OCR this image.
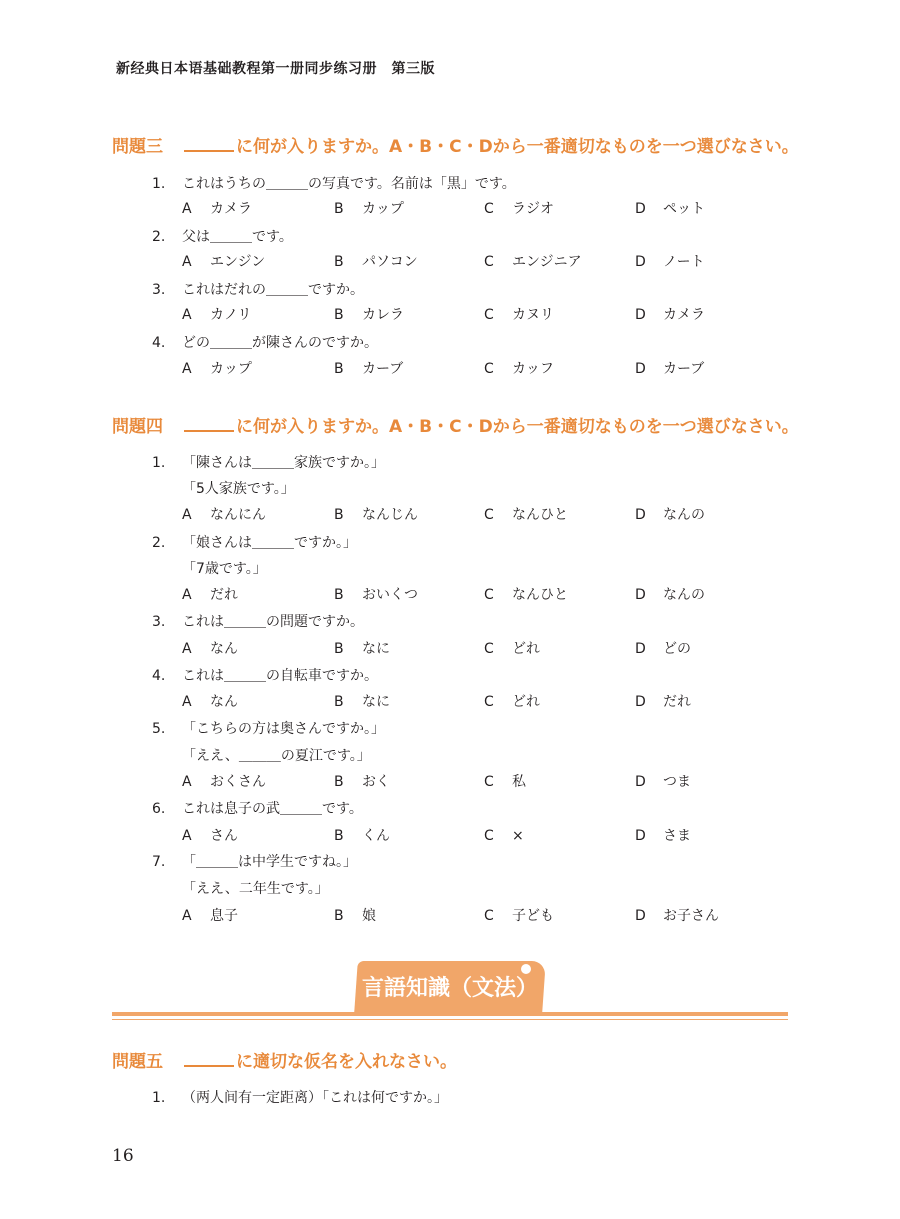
新经典日本语基础教程第一册同步练习册　第三版
問題三	に何が入りますか。A・B・C・Dから一番適切なものを一つ選びなさい。
1. これはうちの＿＿＿の写真です。名前は「黒」です。
A カメラ	B カップ	C ラジオ	D ペット
2. 父は＿＿＿です。
A エンジン	B パソコン	C エンジニア	D ノート
3. これはだれの＿＿＿ですか。
A カノリ	B カレラ	C カヌリ	D カメラ
4. どの＿＿＿が陳さんのですか。
A カップ	B カーブ	C カッフ	D カーブ
問題四	に何が入りますか。A・B・C・Dから一番適切なものを一つ選びなさい。
1. 「陳さんは＿＿＿家族ですか。」
「5人家族です。」
A なんにん	B なんじん	C なんひと	D なんの
2. 「娘さんは＿＿＿ですか。」
「7歳です。」
A だれ	B おいくつ	C なんひと	D なんの
3. これは＿＿＿の問題ですか。
A なん	B なに	C どれ	D どの
4. これは＿＿＿の自転車ですか。
A なん	B なに	C どれ	D だれ
5. 「こちらの方は奥さんですか。」
「ええ、＿＿＿の夏江です。」
A おくさん	B おく	C 私	D つま
6. これは息子の武＿＿＿です。
A さん	B くん	C ×	D さま
7. 「＿＿＿は中学生ですね。」
「ええ、二年生です。」
A 息子	B 娘	C 子ども	D お子さん
言語知識（文法）
問題五	に適切な仮名を入れなさい。
1. （两人间有一定距离）「これは何ですか。」
16
